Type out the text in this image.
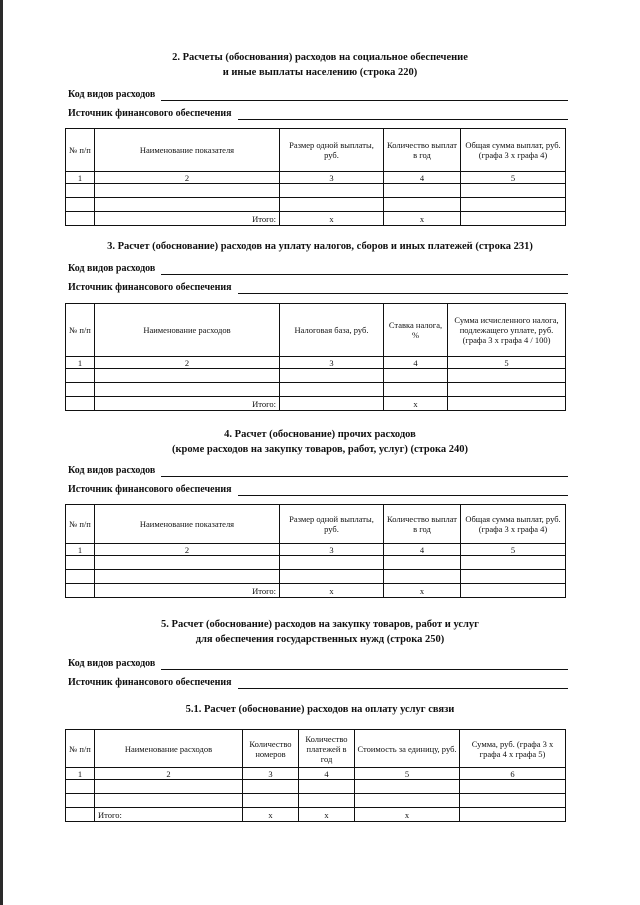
2. Расчеты (обоснования) расходов на социальное обеспечение
и иные выплаты населению (строка 220)
Код видов расходов
Источник финансового обеспечения
№ п/п	Наименование показателя	Размер одной выплаты, руб.	Количество выплат в год	Общая сумма выплат, руб. (графа 3 х графа 4)
1	2	3	4	5

	Итого:	х	х	
3. Расчет (обоснование) расходов на уплату налогов, сборов и иных платежей (строка 231)
Код видов расходов
Источник финансового обеспечения
№ п/п	Наименование расходов	Налоговая база, руб.	Ставка налога, %	Сумма исчисленного налога, подлежащего уплате, руб. (графа 3 х графа 4 / 100)
1	2	3	4	5

	Итого:		х	
4. Расчет (обоснование) прочих расходов
(кроме расходов на закупку товаров, работ, услуг) (строка 240)
Код видов расходов
Источник финансового обеспечения
№ п/п	Наименование показателя	Размер одной выплаты, руб.	Количество выплат в год	Общая сумма выплат, руб. (графа 3 х графа 4)
1	2	3	4	5

	Итого:	х	х	
5. Расчет (обоснование) расходов на закупку товаров, работ и услуг
для обеспечения государственных нужд (строка 250)
Код видов расходов
Источник финансового обеспечения
5.1. Расчет (обоснование) расходов на оплату услуг связи
№ п/п	Наименование расходов	Количество номеров	Количество платежей в год	Стоимость за единицу, руб.	Сумма, руб. (графа 3 х графа 4 х графа 5)
1	2	3	4	5	6

	Итого:	х	х	х	
